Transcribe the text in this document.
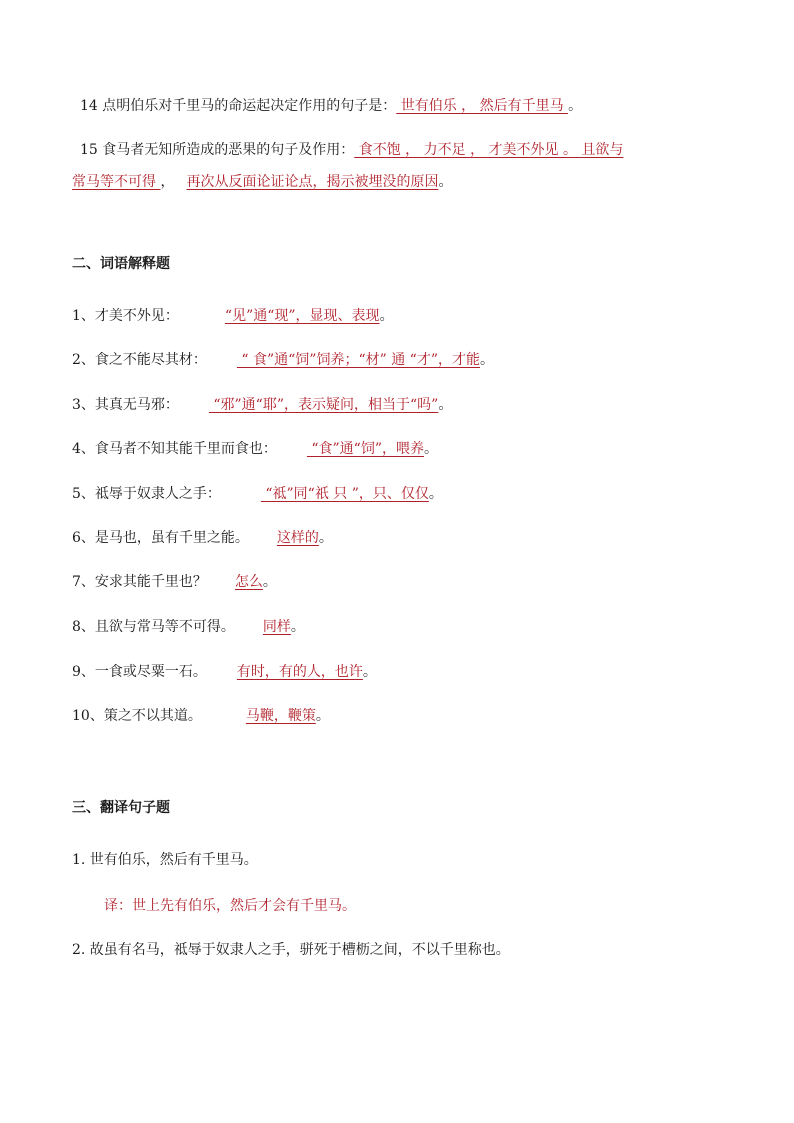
14 点明伯乐对千里马的命运起决定作用的句子是： 世有伯乐 ， 然后有千里马 。
15 食马者无知所造成的恶果的句子及作用： 食不饱 ， 力不足 ， 才美不外见 。 且欲与
常马等不可得 ， 再次从反面论证论点，揭示被埋没的原因。
二、词语解释题
1、才美不外见：	“见”通“现”，显现、表现。
2、食之不能尽其材： “ 食”通“饲”饲养；“材” 通 “才”，才能。
3、其真无马邪： “邪”通“耶”，表示疑问，相当于“吗”。
4、食马者不知其能千里而食也： “食”通“饲”，喂养。
5、祗辱于奴隶人之手：	“祗”同“祇 只 ”，只、仅仅。
6、是马也，虽有千里之能。 这样的。
7、安求其能千里也？ 怎么。
8、且欲与常马等不可得。 同样。
9、一食或尽粟一石。 有时，有的人，也许。
10、策之不以其道。	马鞭，鞭策。
三、翻译句子题
1. 世有伯乐，然后有千里马。
译：世上先有伯乐，然后才会有千里马。
2. 故虽有名马，祗辱于奴隶人之手，骈死于槽枥之间，不以千里称也。
